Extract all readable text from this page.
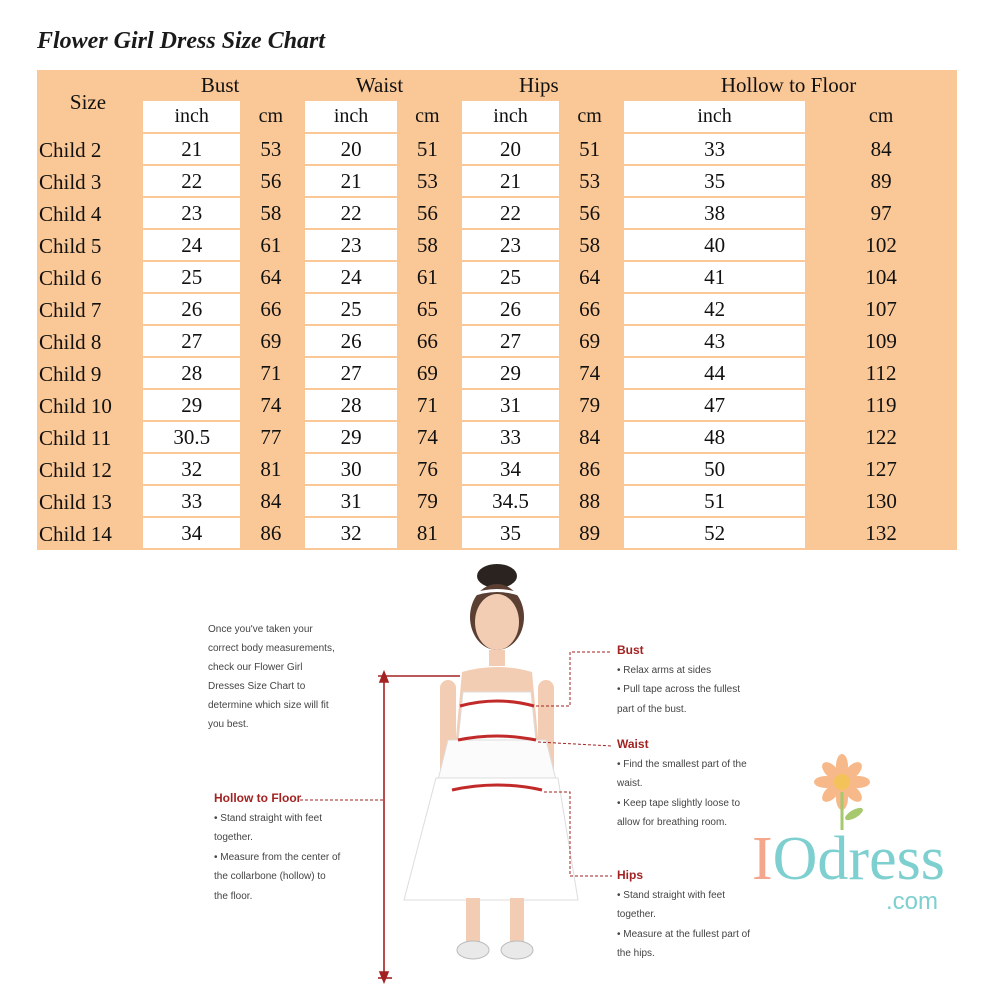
Flower Girl Dress Size Chart
Size	Bust		Waist		Hips		Hollow to Floor	
	inch	cm	inch	cm	inch	cm	inch	cm
Child 2	21	53	20	51	20	51	33	84
Child 3	22	56	21	53	21	53	35	89
Child 4	23	58	22	56	22	56	38	97
Child 5	24	61	23	58	23	58	40	102
Child 6	25	64	24	61	25	64	41	104
Child 7	26	66	25	65	26	66	42	107
Child 8	27	69	26	66	27	69	43	109
Child 9	28	71	27	69	29	74	44	112
Child 10	29	74	28	71	31	79	47	119
Child 11	30.5	77	29	74	33	84	48	122
Child 12	32	81	30	76	34	86	50	127
Child 13	33	84	31	79	34.5	88	51	130
Child 14	34	86	32	81	35	89	52	132
Once you've taken your
correct body measurements,
check our Flower Girl
Dresses Size Chart to
determine which size will fit
you best.
Bust
• Relax arms at sides
• Pull tape across the fullest
part of the bust.
Waist
• Find the smallest part of the
waist.
• Keep tape slightly loose to
allow for breathing room.
Hips
• Stand straight with feet
together.
• Measure at the fullest part of
the hips.
Hollow to Floor
• Stand straight with feet
together.
• Measure from the center of
the collarbone (hollow) to
the floor.
IOdress
.com
